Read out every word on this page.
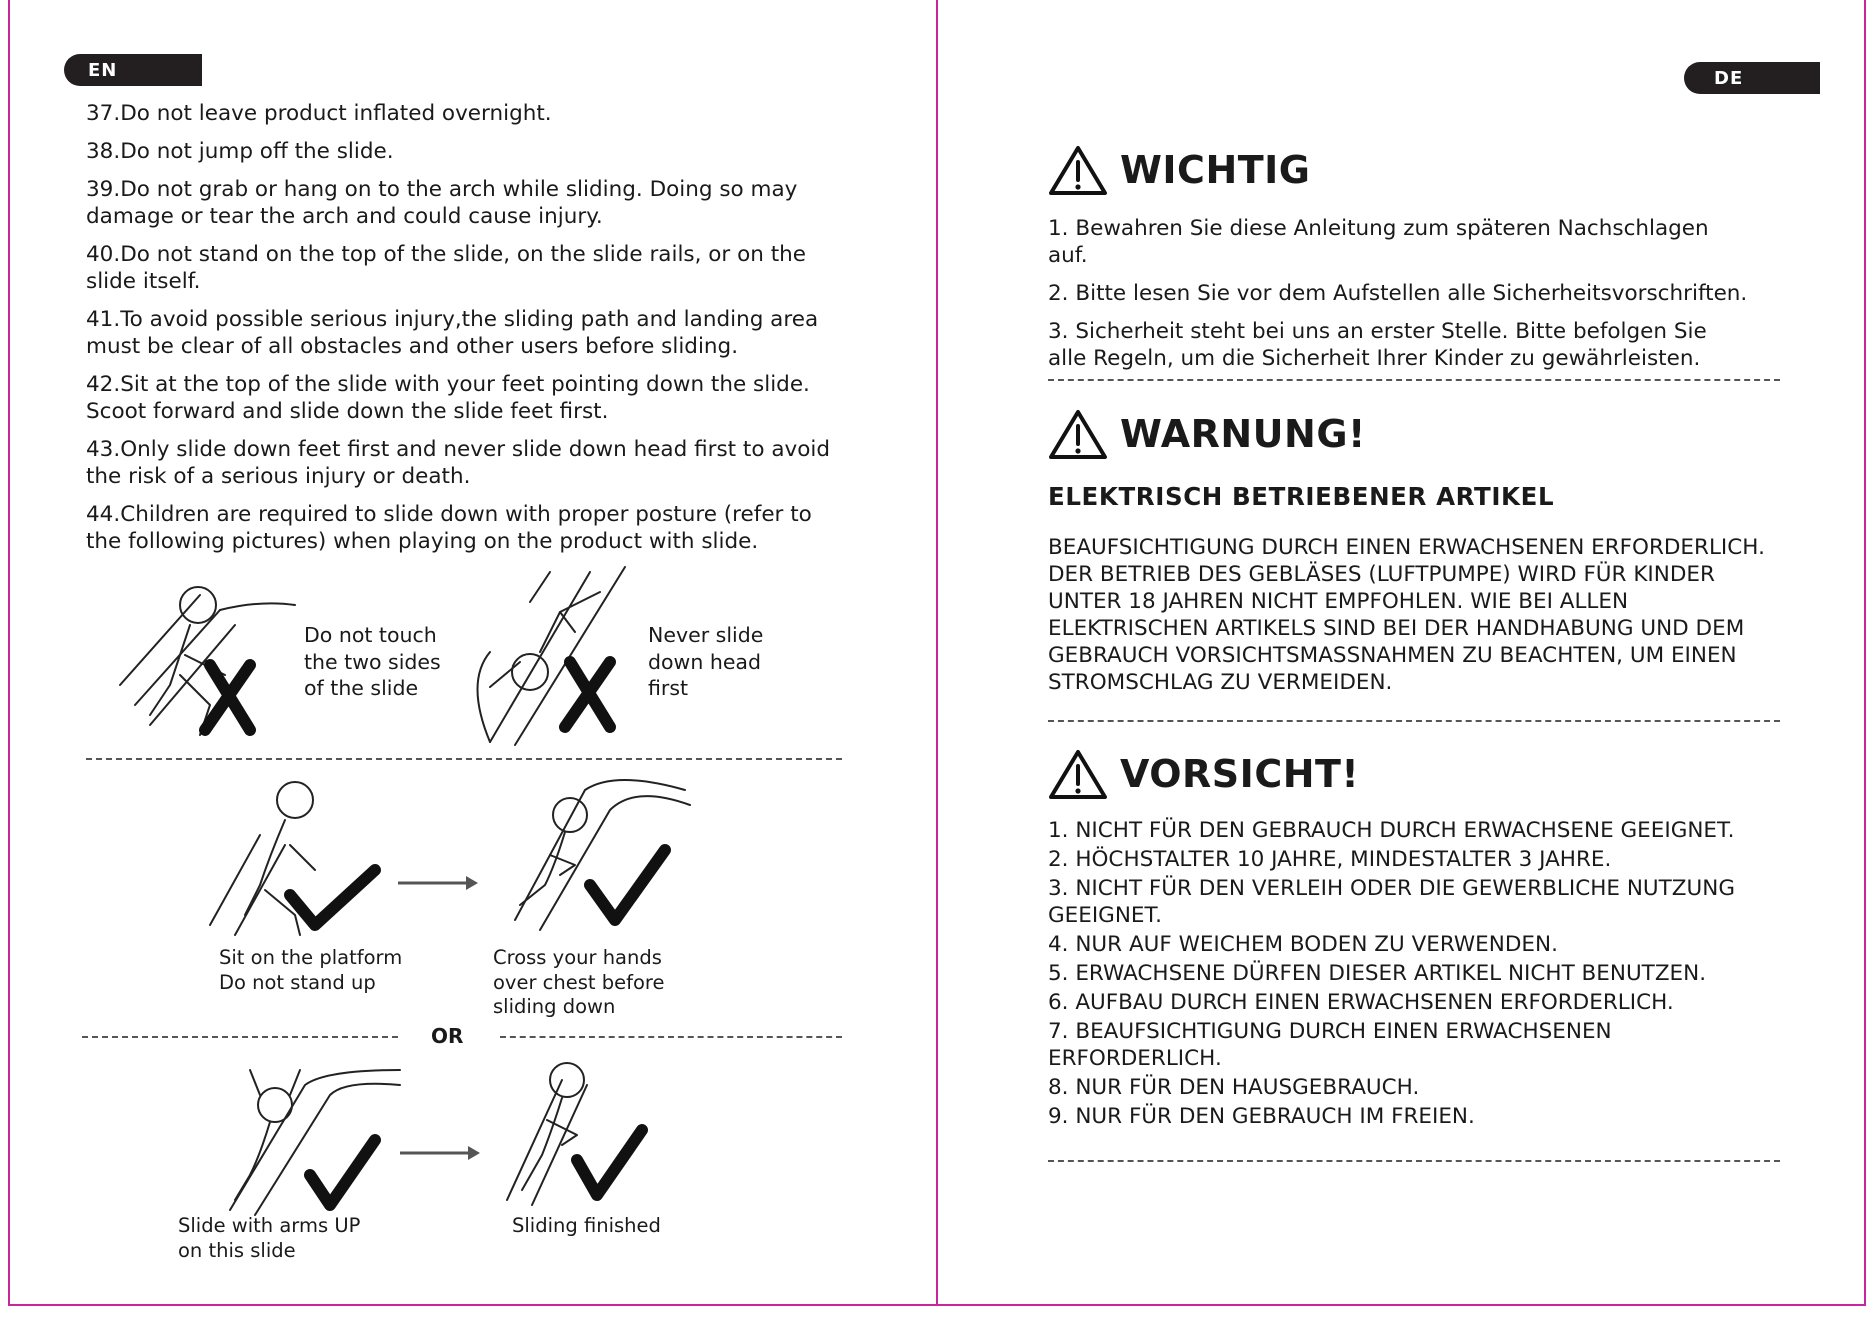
EN
37.Do not leave product inflated overnight.
38.Do not jump off the slide.
39.Do not grab or hang on to the arch while sliding. Doing so may damage or tear the arch and could cause injury.
40.Do not stand on the top of the slide, on the slide rails, or on the slide itself.
41.To avoid possible serious injury,the sliding path and landing area must be clear of all obstacles and other users before sliding.
42.Sit at the top of the slide with your feet pointing down the slide. Scoot forward and slide down the slide feet first.
43.Only slide down feet first and never slide down head first to avoid the risk of a serious injury or death.
44.Children are required to slide down with proper posture (refer to the following pictures) when playing on the product with slide.
Do not touch
the two sides
of the slide
Never slide
down head
first
Sit on the platform
Do not stand up
Cross your hands
over chest before
sliding down
OR
Slide with arms UP
on this slide
Sliding finished
DE
WICHTIG
1. Bewahren Sie diese Anleitung zum späteren Nachschlagen auf.
2. Bitte lesen Sie vor dem Aufstellen alle Sicherheitsvorschriften.
3. Sicherheit steht bei uns an erster Stelle. Bitte befolgen Sie alle Regeln, um die Sicherheit Ihrer Kinder zu gewährleisten.
WARNUNG!
ELEKTRISCH BETRIEBENER ARTIKEL
BEAUFSICHTIGUNG DURCH EINEN ERWACHSENEN ERFORDERLICH. DER BETRIEB DES GEBLÄSES (LUFTPUMPE) WIRD FÜR KINDER UNTER 18 JAHREN NICHT EMPFOHLEN. WIE BEI ALLEN ELEKTRISCHEN ARTIKELS SIND BEI DER HANDHABUNG UND DEM GEBRAUCH VORSICHTSMASSNAHMEN ZU BEACHTEN, UM EINEN STROMSCHLAG ZU VERMEIDEN.
VORSICHT!
1. NICHT FÜR DEN GEBRAUCH DURCH ERWACHSENE GEEIGNET.
2. HÖCHSTALTER 10 JAHRE, MINDESTALTER 3 JAHRE.
3. NICHT FÜR DEN VERLEIH ODER DIE GEWERBLICHE NUTZUNG GEEIGNET.
4. NUR AUF WEICHEM BODEN ZU VERWENDEN.
5. ERWACHSENE DÜRFEN DIESER ARTIKEL NICHT BENUTZEN.
6. AUFBAU DURCH EINEN ERWACHSENEN ERFORDERLICH.
7. BEAUFSICHTIGUNG DURCH EINEN ERWACHSENEN ERFORDERLICH.
8. NUR FÜR DEN HAUSGEBRAUCH.
9. NUR FÜR DEN GEBRAUCH IM FREIEN.
